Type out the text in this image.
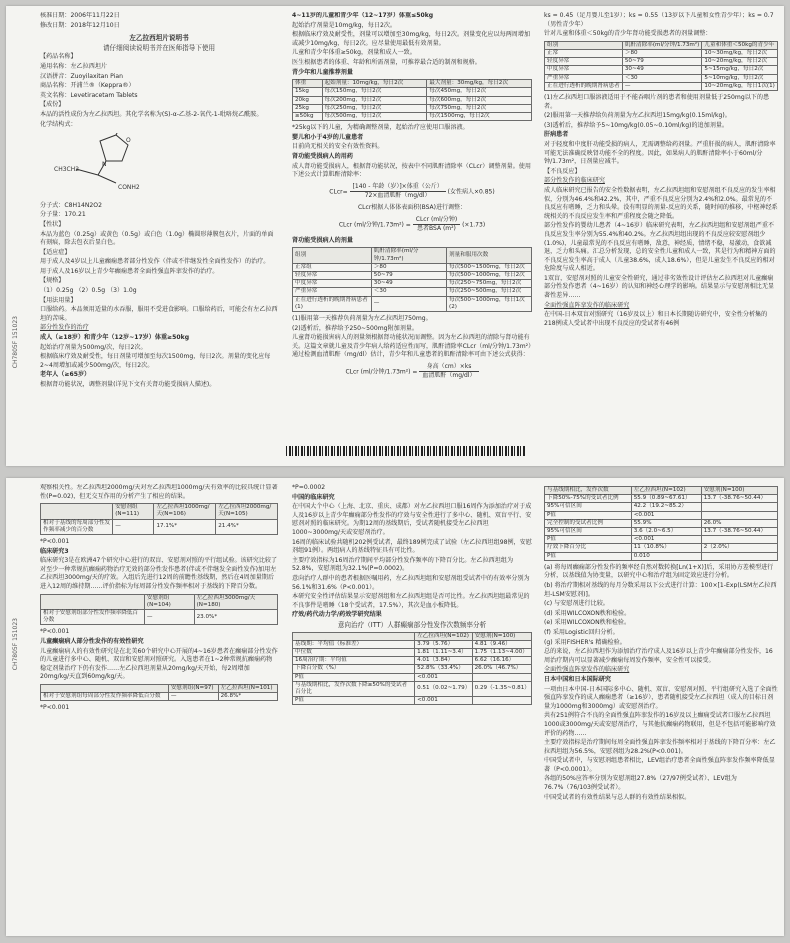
CH7805F 151023

核准日期：2006年11月22日

修改日期：2018年12月10日

左乙拉西坦片说明书

请仔细阅读说明书并在医师指导下使用

【药品名称】

通用名称：左乙拉西坦片

汉语拼音：Zuoyilaxitan Pian

商品名称：开浦兰®（Keppra®）

英文名称：Levetiracetam Tablets

【成份】

本品的活性成份为左乙拉西坦。其化学名称为(S)-α-乙基-2-氧代-1-吡咯烷乙酰胺。

化学结构式：

O
N
CH3CH2
CONH2

分子式：C8H14N2O2

分子量：170.21

【性状】

本品为蓝色（0.25g）或黄色（0.5g）或白色（1.0g）椭圆形薄膜包衣片，片面的单面有刻痕，除去包衣后显白色。

【适应症】

用于成人及4岁以上儿童癫痫患者部分性发作（伴或不伴继发性全面性发作）的治疗。

用于成人及16岁以上青少年癫痫患者全面性强直阵挛发作的治疗。

【规格】

（1）0.25g （2）0.5g （3）1.0g

【用法用量】

口服给药。本品须用适量的水吞服，服用不受进食影响。口服给药后，可能会有左乙拉西坦的苦味。

部分性发作的治疗

成人（≥18岁）和青少年（12岁~17岁）体重≥50kg

起始治疗剂量为500mg/次，每日2次。

根据临床疗效及耐受性，每日剂量可增加至每次1500mg，每日2次。剂量的变化应每2~4周增加或减少500mg/次，每日2次。

老年人（≥65岁）

根据肾功能状况，调整剂量(详见下文有关肾功能受损病人描述)。

4~11岁的儿童和青少年（12~17岁）体重≤50kg

起始治疗剂量是10mg/kg，每日2次。

根据临床疗效及耐受性，剂量可以增加至30mg/kg，每日2次。剂量变化应以每两周增加或减少10mg/kg，每日2次。应尽量使用最低有效剂量。

儿童和青少年体重≥50kg，剂量和成人一致。

医生根据患者的体重、年龄和所需剂量，可推荐最合适的制剂和规格。

青少年和儿童推荐剂量

体重	起始剂量：10mg/kg，每日2次	最大剂量：30mg/kg，每日2次
15kg	每次150mg，每日2次	每次450mg，每日2次
20kg	每次200mg，每日2次	每次600mg，每日2次
25kg	每次250mg，每日2次	每次750mg，每日2次
≥50kg	每次500mg，每日2次	每次1500mg，每日2次

*25kg以下的儿童，为精确调整剂量，起始治疗应使用口服溶液。

婴儿和小于4岁的儿童患者

目前尚无相关的安全有效性资料。

肾功能受损病人的用药

成人肾功能受损病人，根据肾功能状况，按表中不同肌酐清除率（CLcr）调整剂量。使用下述公式计算肌酐清除率：

CLcr= $\frac{\text{[140 - 年龄（岁）]×体重（公斤）}}{\text{72×血清肌酐（mg/dl）}}$ (女性病人×0.85)

CLcr根据人体体表面积(BSA)进行调整：

CLcr (ml/分钟$/1.73m^2) = \frac{\text{CLcr (ml/分钟)}}{\text{患者BSA (m²)}} (\times 1.73)$

肾功能受损病人的剂量

组别	肌酐清除率(ml/分钟/1.73m²)	剂量和服用次数
正常组	＞80	每次500~1500mg，每日2次
轻度异常	50~79	每次500~1000mg，每日2次
中度异常	30~49	每次250~750mg，每日2次
严重异常	＜30	每次250~500mg，每日2次
正在进行透析的晚期肾病患者(1)	—	每次500~1000mg，每日1次(2)

(1)服用第一天推荐负荷剂量为左乙拉西坦750mg。

(2)透析后，推荐给予250~500mg附加剂量。

儿童肾功能损害病人的剂量须根据肾功能状况而调整。因为左乙拉西坦的清除与肾功能有关。这篇文章就儿童及青少年病人给药适应性而写，肌酐清除率CLcr（ml/分钟/1.73m²）通过检测血清肌酐（mg/dl）估计，青少年和儿童患者的肌酐清除率可由下述公式获得：

CLcr (ml/分钟$/1.73m^2) = \frac{\text{身高（cm）×ks}}{\text{血清肌酐（mg/dl）}}$

ks = 0.45（足月婴儿至1岁）；ks = 0.55（13岁以下儿童和女性青少年）；ks = 0.7（男性青少年）

针对儿童和体重＜50kg的青少年肾功能受损患者的剂量调整：

组别	肌酐清除率(ml/分钟/1.73m²)	儿童和体重＜50kg的青少年
正常	＞80	10~30mg/kg，每日2次
轻度异常	50~79	10~20mg/kg，每日2次
中度异常	30~49	5~15mg/kg，每日2次
严重异常	＜30	5~10mg/kg，每日2次
正在进行透析的晚期肾病患者	—	10~20mg/kg，每日1次(1)

(1)左乙拉西坦口服溶液适用于不能吞咽片剂的患者和使用剂量低于250mg以下的患者。

(2)服用第一天推荐给负荷剂量为左乙拉西坦15mg/kg(0.15ml/kg)。

(3)透析后，推荐给予5~10mg/kg(0.05~0.10ml/kg)的追加剂量。

肝病患者

对于轻度和中度肝功能受损的病人，无需调整给药剂量。严重肝损的病人，肌酐清除率可能无法准确反映肾功能不全的程度。因此，如果病人的肌酐清除率小于60ml/分钟/1.73m²，日剂量应减半。

【不良反应】

部分性发作的临床研究

成人临床研究已报告的安全性数据表明，左乙拉西坦组和安慰剂组不良反应的发生率相似，分别为46.4%和42.2%，其中，严重不良反应分别为2.4%和2.0%。最常见的不良反应有嗜睡，乏力和头晕。没有明显的剂量-反应的关系，随时间的推移，中枢神经系统相关的不良反应发生率和严重程度会随之降低。

部分性发作的婴幼儿患者（4~16岁）临床研究表明，左乙拉西坦组和安慰剂组严重不良反应发生率分别为55.4%和40.2%。左乙拉西坦组出现的不良反应较安慰剂组少(1.0%)，儿童最常见的不良反应有嗜睡，敌意，神经质，情绪不稳，易激动，食欲减退，乏力和头痛。汇总分析发现，总的安全性儿童和成人一致，其是行为和精神方面的不良反应发生率高于成人（儿童38.6%，成人18.6%），但是儿童发生不良反应的相对危险度与成人相近。

1双盲，安慰剂对照的儿童安全性研究，通过非劣效性设计评估左乙拉西坦对儿童癫痫部分性发作患者（4~16岁）的认知和神经心理学的影响。结果显示与安慰剂相比无显著性差异……

全面性强直阵挛发作的临床研究

在中国-日本双盲对照研究（16岁及以上）和日本长期随访研究中，安全性分析集的218例成人受试者中出现不良反应的受试者有46例

CH7805F 151023

观察相关性。左乙拉西坦2000mg/天对左乙拉西坦1000mg/天有效率的比较具统计显著性(P=0.02)，但无交互作用的分析产生了相应的结果。

	安慰剂组(N=111)	左乙拉西坦1000mg/天(N=106)	左乙拉西坦2000mg/天(N=105)
相对于基线的每周部分性发作频率减少的百分数	—	17.1%*	21.4%*

*P<0.001

临床研究3

临床研究3是在欧洲47个研究中心进行的双盲、安慰剂对照的平行组试验。该研究比较了对至少一种常规抗癫痫药物治疗无效的部分性发作患者(伴或不伴继发全面性发作)加用左乙拉西坦3000mg/天的疗效。入组后先进行12周的前瞻性基线期，然后在4周加量期后进入12周的维持期……评价指标为每周部分性发作频率相对于基线的下降百分数。

	安慰剂组(N=104)	左乙拉西坦3000mg/天(N=180)
相对于安慰剂组部分性发作频率降低百分数	—	23.0%*

*P<0.001

儿童癫痫病人部分性发作的有效性研究

儿童癫痫病人的有效性研究是在北美60个研究中心开展的4~16岁患者在癫痫部分性发作的儿童进行多中心、随机、双盲和安慰剂对照研究。入选患者在1~2种常规抗癫痫药物稳定剂量治疗下仍有发作……左乙拉西坦剂量从20mg/kg/天开始，每2周增加20mg/kg/天直到60mg/kg/天。

	安慰剂组(N=97)	左乙拉西坦(N=101)
相对于安慰剂组每周部分性发作频率降低百分数	—	26.8%*

*P<0.001

*P=0.0002

中国的临床研究

在中国大个中心（上海、北京、重庆、成都）对左乙拉西坦口服16周作为添加治疗对于成人及16岁以上青少年癫痫部分性发作的疗效与安全性进行了多中心、随机、双盲平行、安慰剂对照的临床研究。为期12周的基线期后，受试者随机接受左乙拉西坦1000~3000mg/天或安慰剂治疗。

16周的临床试验共随机202例受试者，最终189例完成了试验（左乙拉西坦组98例，安慰剂组91例）。两组病人的基线特征具有可比性。

主要疗效指标为16周治疗期间平均部分性发作频率的下降百分比。左乙拉西坦组为52.8%，安慰剂组为32.1%(P=0.0002)。

意向治疗人群中的患者根据医嘱用药，左乙拉西坦组和安慰剂组受试者中的有效率分别为56.1%和31.6%（P<0.001）。

本研究安全性评估结果显示安慰剂组和左乙拉西坦组是否可比性。左乙拉西坦组最常见的不良事件是嗜睡（18个受试者，17.5%），其次是血小板降低。

疗效/药代动力学/药效学研究结果

意向治疗（ITT）人群癫痫部分性发作次数频率分析

	左乙拉西坦(N=102)	安慰剂(N=100)
基线期：平均值（标准差）	3.79（5.76）	4.81（9.46）
中位数	1.81（1.11~3.4）	1.75（1.13~4.00）
16周治疗期：平均值	4.01（3.84）	6.62（16.16）
下降百分数（%）	52.8%（33.4%）	26.0%（46.7%）
P值	<0.001	
与基线期相比，发作次数下降≥50%的受试者百分比	0.51（0.02~1.79）	0.29（-1.35~0.81）
P值	<0.001	
与基线期相比，发作次数	左乙拉西坦(N=102)	安慰剂(N=100)
下降50%-75%的受试者比例	55.9（0.89~67.61）	13.7（-38.76~50.44）
95%可信区间	42.2（19.2~85.2）	
P值	<0.001	
完全控制的受试者比例	55.9%	26.0%
95%可信区间	3.6（2.0~6.5）	13.7（-38.76~50.44）
P值	<0.001	
疗效下降百分比	11（10.8%）	2（2.0%）
P值	0.010	

(a) 将每周癫痫部分性发作的频率经自然对数转换[Ln(1+X)]后，采用协方差模型进行分析，以基线值为协变量，以研究中心和治疗组为固定效应进行分析。

(b) 将治疗期相对基线的每月分数采用以下公式进行计算：100×[1-Exp(LSM左乙拉西坦-LSM安慰剂)]。

(c) 与安慰剂进行比较。

(d) 采用WILCOXON秩和检验。

(e) 采用WILCOXON秩和检验。

(f) 采用Logistic回归分析。

(g) 采用FISHER's 精确检验。

总的来说，左乙拉西坦作为添加治疗治疗成人及16岁以上青少年癫痫部分性发作，16周治疗期内可以显著减少癫痫每周发作频率，安全性可以接受。

全面性强直阵挛发作的临床研究

日本中国和日本国际研究

一项由日本中国-日本国际多中心、随机、双盲、安慰剂对照、平行组研究入选了全面性强直阵挛发作的成人癫痫患者（≥16岁），患者随机接受左乙拉西坦（成人的目标日剂量为1000mg和3000mg）或安慰剂治疗。

共有251例符合不良的全面性强直阵挛发作的16岁及以上癫痫受试者口服左乙拉西坦1000或3000mg/天或安慰剂治疗，与其他抗癫痫药物联用，但是不包括可能影响疗效评价的药物……

主要疗效指标是治疗期间每周全面性强直阵挛发作频率相对于基线的下降百分率：左乙拉西坦组为56.5%，安慰剂组为28.2%(P<0.001)。

中国受试者中，与安慰剂组患者相比，LEV组治疗患者全面性强直阵挛发作频率降低显著（P<0.0001）。

各组的50%应答率分别为安慰剂组27.8%（27/97例受试者）、LEV组为76.7%（76/103例受试者）。

中国受试者的有效性结果与总人群的有效性结果相似。
